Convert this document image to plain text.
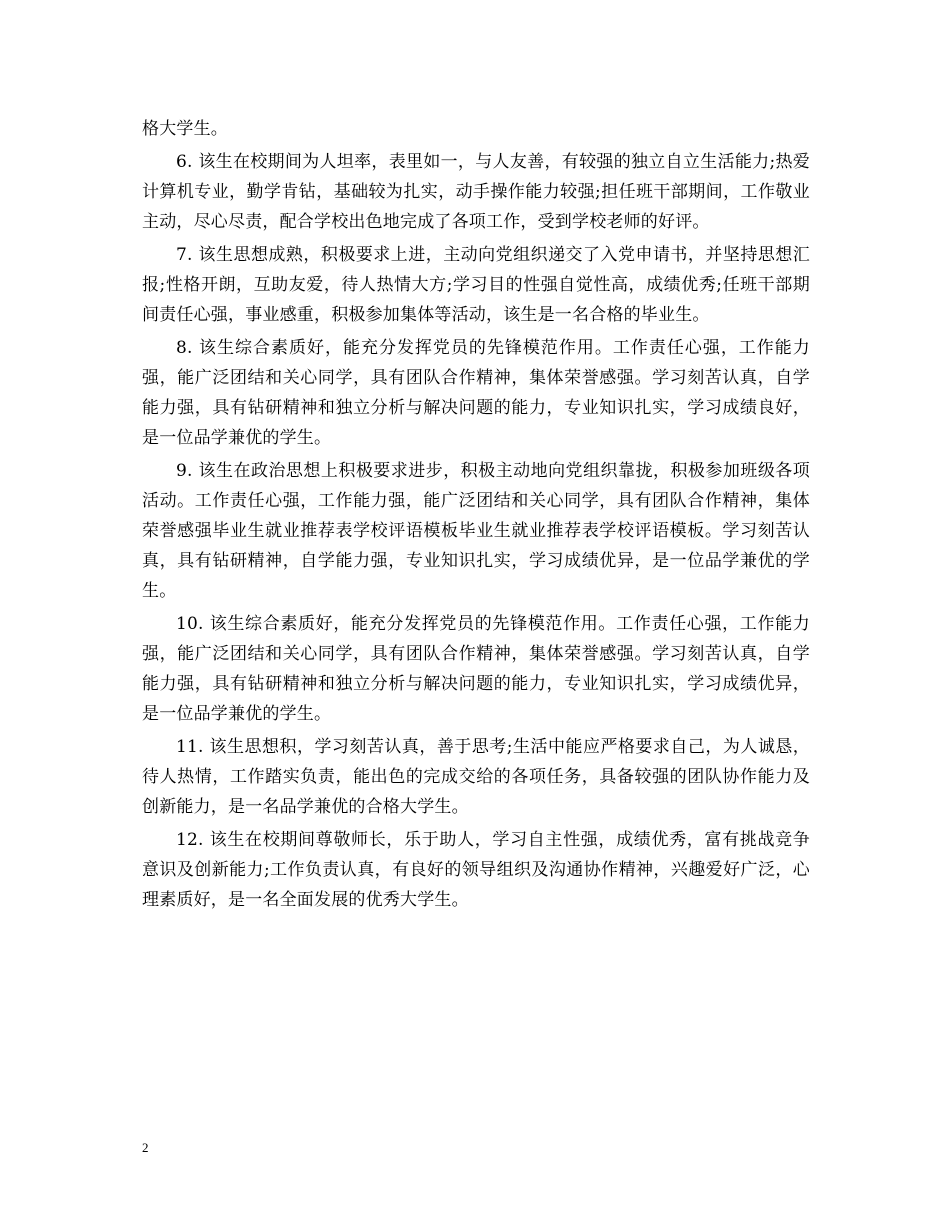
格大学生。

6. 该生在校期间为人坦率，表里如一，与人友善，有较强的独立自立生活能力;热爱计算机专业，勤学肯钻，基础较为扎实，动手操作能力较强;担任班干部期间，工作敬业主动，尽心尽责，配合学校出色地完成了各项工作，受到学校老师的好评。

7. 该生思想成熟，积极要求上进，主动向党组织递交了入党申请书，并坚持思想汇报;性格开朗，互助友爱，待人热情大方;学习目的性强自觉性高，成绩优秀;任班干部期间责任心强，事业感重，积极参加集体等活动，该生是一名合格的毕业生。

8. 该生综合素质好，能充分发挥党员的先锋模范作用。工作责任心强，工作能力强，能广泛团结和关心同学，具有团队合作精神，集体荣誉感强。学习刻苦认真，自学能力强，具有钻研精神和独立分析与解决问题的能力，专业知识扎实，学习成绩良好，是一位品学兼优的学生。

9. 该生在政治思想上积极要求进步，积极主动地向党组织靠拢，积极参加班级各项活动。工作责任心强，工作能力强，能广泛团结和关心同学，具有团队合作精神，集体荣誉感强毕业生就业推荐表学校评语模板毕业生就业推荐表学校评语模板。学习刻苦认真，具有钻研精神，自学能力强，专业知识扎实，学习成绩优异，是一位品学兼优的学生。

10. 该生综合素质好，能充分发挥党员的先锋模范作用。工作责任心强，工作能力强，能广泛团结和关心同学，具有团队合作精神，集体荣誉感强。学习刻苦认真，自学能力强，具有钻研精神和独立分析与解决问题的能力，专业知识扎实，学习成绩优异，是一位品学兼优的学生。

11. 该生思想积，学习刻苦认真，善于思考;生活中能应严格要求自己，为人诚恳，待人热情，工作踏实负责，能出色的完成交给的各项任务，具备较强的团队协作能力及创新能力，是一名品学兼优的合格大学生。

12. 该生在校期间尊敬师长，乐于助人，学习自主性强，成绩优秀，富有挑战竞争意识及创新能力;工作负责认真，有良好的领导组织及沟通协作精神，兴趣爱好广泛，心理素质好，是一名全面发展的优秀大学生。

2
